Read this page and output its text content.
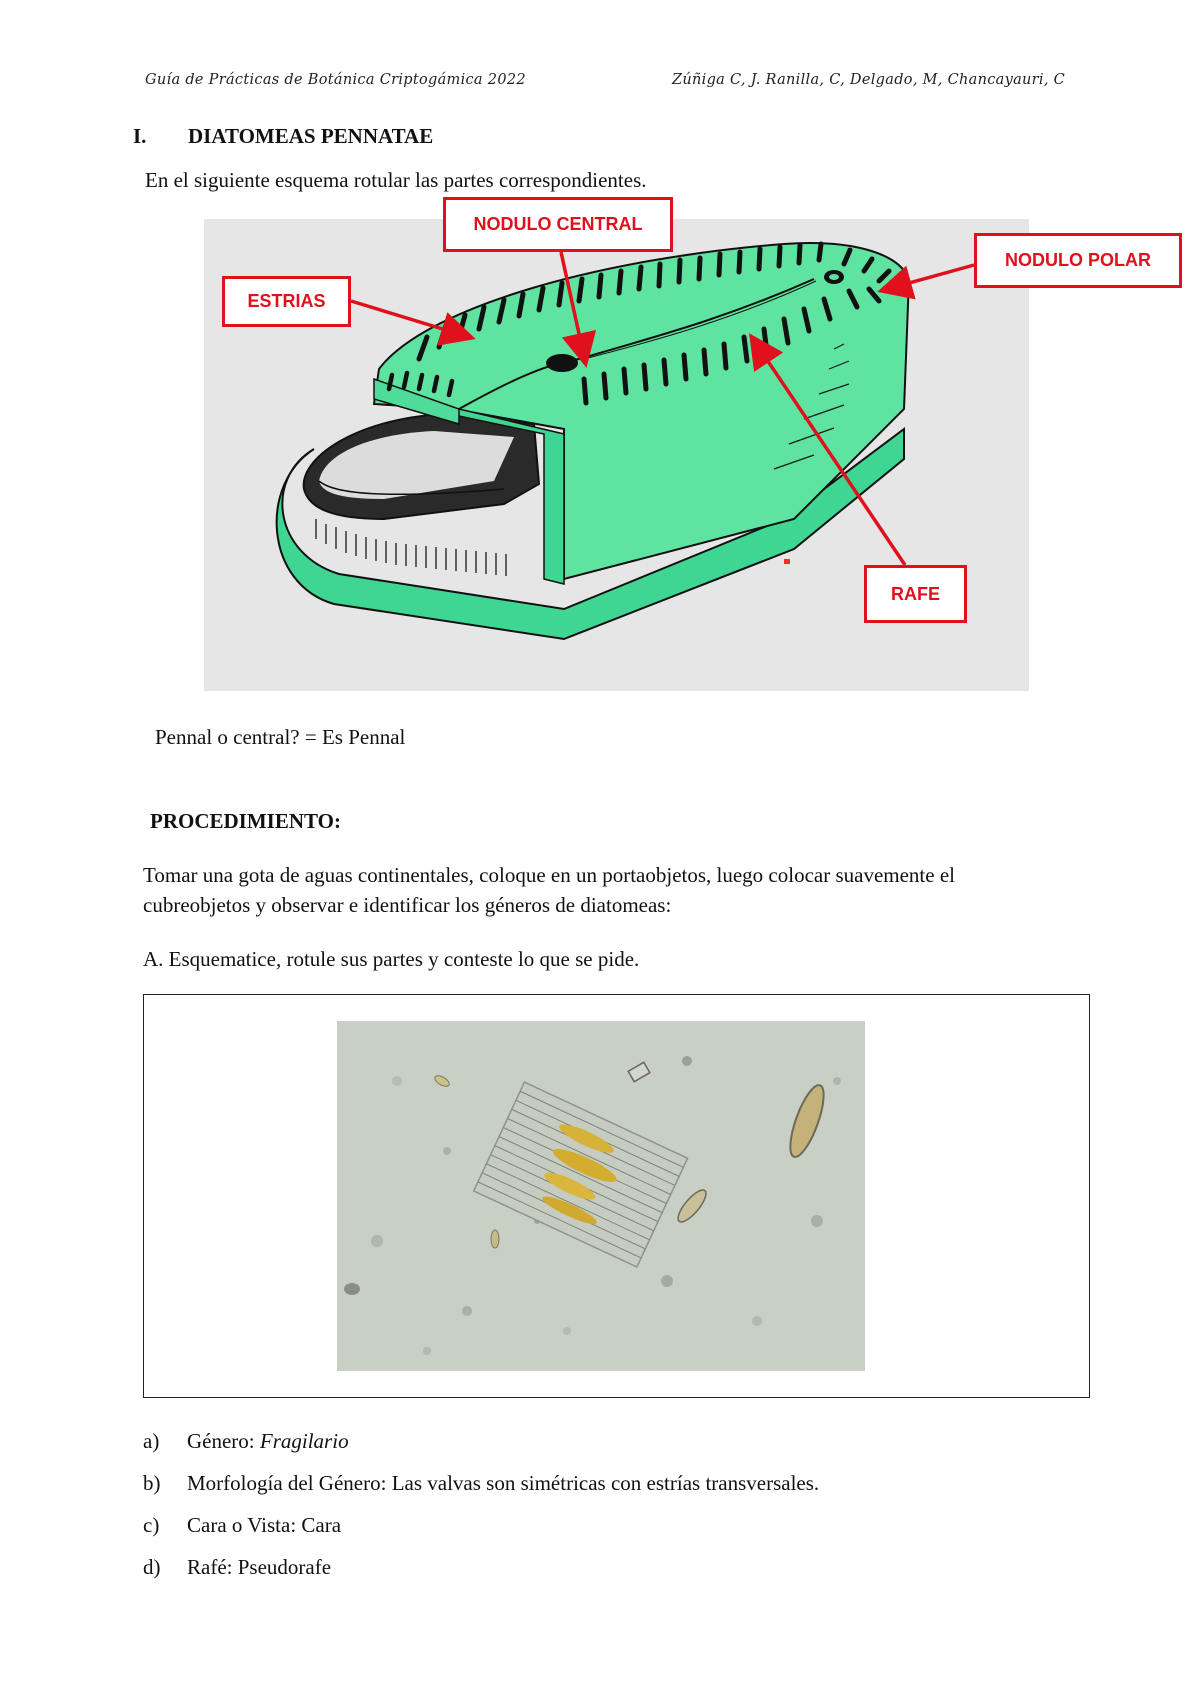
Guía de Prácticas de Botánica Criptogámica 2022	Zúñiga C, J. Ranilla, C, Delgado, M, Chancayauri, C
I. DIATOMEAS PENNATAE
En el siguiente esquema rotular las partes correspondientes.
ESTRIAS
NODULO CENTRAL
NODULO POLAR
RAFE
Pennal o central? = Es Pennal
PROCEDIMIENTO:
Tomar una gota de aguas continentales, coloque en un portaobjetos, luego colocar suavemente el
cubreobjetos y observar e identificar los géneros de diatomeas:
A. Esquematice, rotule sus partes y conteste lo que se pide.
a) Género: Fragilario
b) Morfología del Género: Las valvas son simétricas con estrías transversales.
c) Cara o Vista: Cara
d) Rafé: Pseudorafe
